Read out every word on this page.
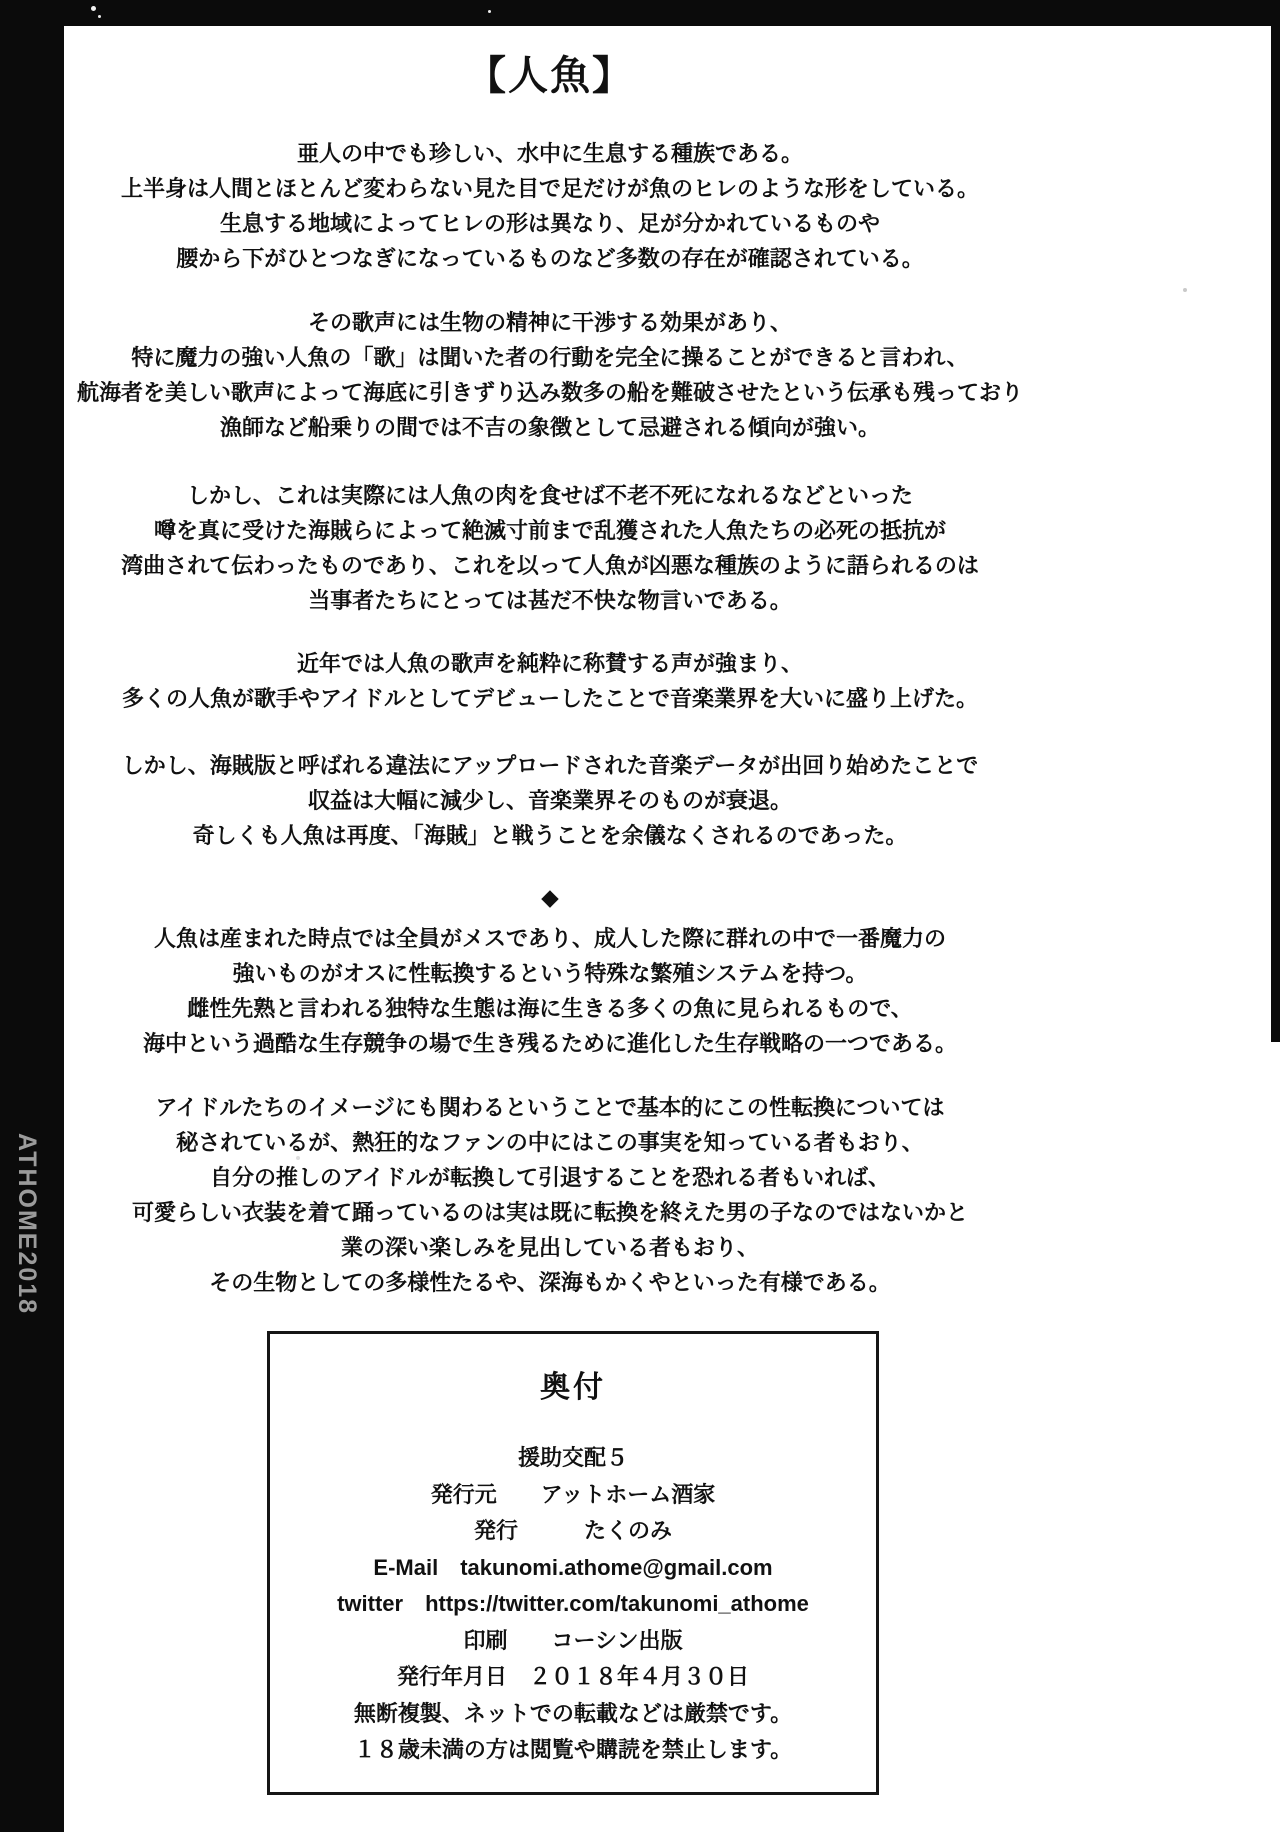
ATHOME2018
【人魚】
亜人の中でも珍しい、水中に生息する種族である。
上半身は人間とほとんど変わらない見た目で足だけが魚のヒレのような形をしている。
生息する地域によってヒレの形は異なり、足が分かれているものや
腰から下がひとつなぎになっているものなど多数の存在が確認されている。
その歌声には生物の精神に干渉する効果があり、
特に魔力の強い人魚の「歌」は聞いた者の行動を完全に操ることができると言われ、
航海者を美しい歌声によって海底に引きずり込み数多の船を難破させたという伝承も残っており
漁師など船乗りの間では不吉の象徴として忌避される傾向が強い。
しかし、これは実際には人魚の肉を食せば不老不死になれるなどといった
噂を真に受けた海賊らによって絶滅寸前まで乱獲された人魚たちの必死の抵抗が
湾曲されて伝わったものであり、これを以って人魚が凶悪な種族のように語られるのは
当事者たちにとっては甚だ不快な物言いである。
近年では人魚の歌声を純粋に称賛する声が強まり、
多くの人魚が歌手やアイドルとしてデビューしたことで音楽業界を大いに盛り上げた。
しかし、海賊版と呼ばれる違法にアップロードされた音楽データが出回り始めたことで
収益は大幅に減少し、音楽業界そのものが衰退。
奇しくも人魚は再度、「海賊」と戦うことを余儀なくされるのであった。
◆
人魚は産まれた時点では全員がメスであり、成人した際に群れの中で一番魔力の
強いものがオスに性転換するという特殊な繁殖システムを持つ。
雌性先熟と言われる独特な生態は海に生きる多くの魚に見られるもので、
海中という過酷な生存競争の場で生き残るために進化した生存戦略の一つである。
アイドルたちのイメージにも関わるということで基本的にこの性転換については
秘されているが、熱狂的なファンの中にはこの事実を知っている者もおり、
自分の推しのアイドルが転換して引退することを恐れる者もいれば、
可愛らしい衣装を着て踊っているのは実は既に転換を終えた男の子なのではないかと
業の深い楽しみを見出している者もおり、
その生物としての多様性たるや、深海もかくやといった有様である。
奥付
援助交配５
発行元　　アットホーム酒家
発行　　　たくのみ
E-Mail　takunomi.athome@gmail.com
twitter　https://twitter.com/takunomi_athome
印刷　　コーシン出版
発行年月日　２０１８年４月３０日
無断複製、ネットでの転載などは厳禁です。
１８歳未満の方は閲覧や購読を禁止します。
